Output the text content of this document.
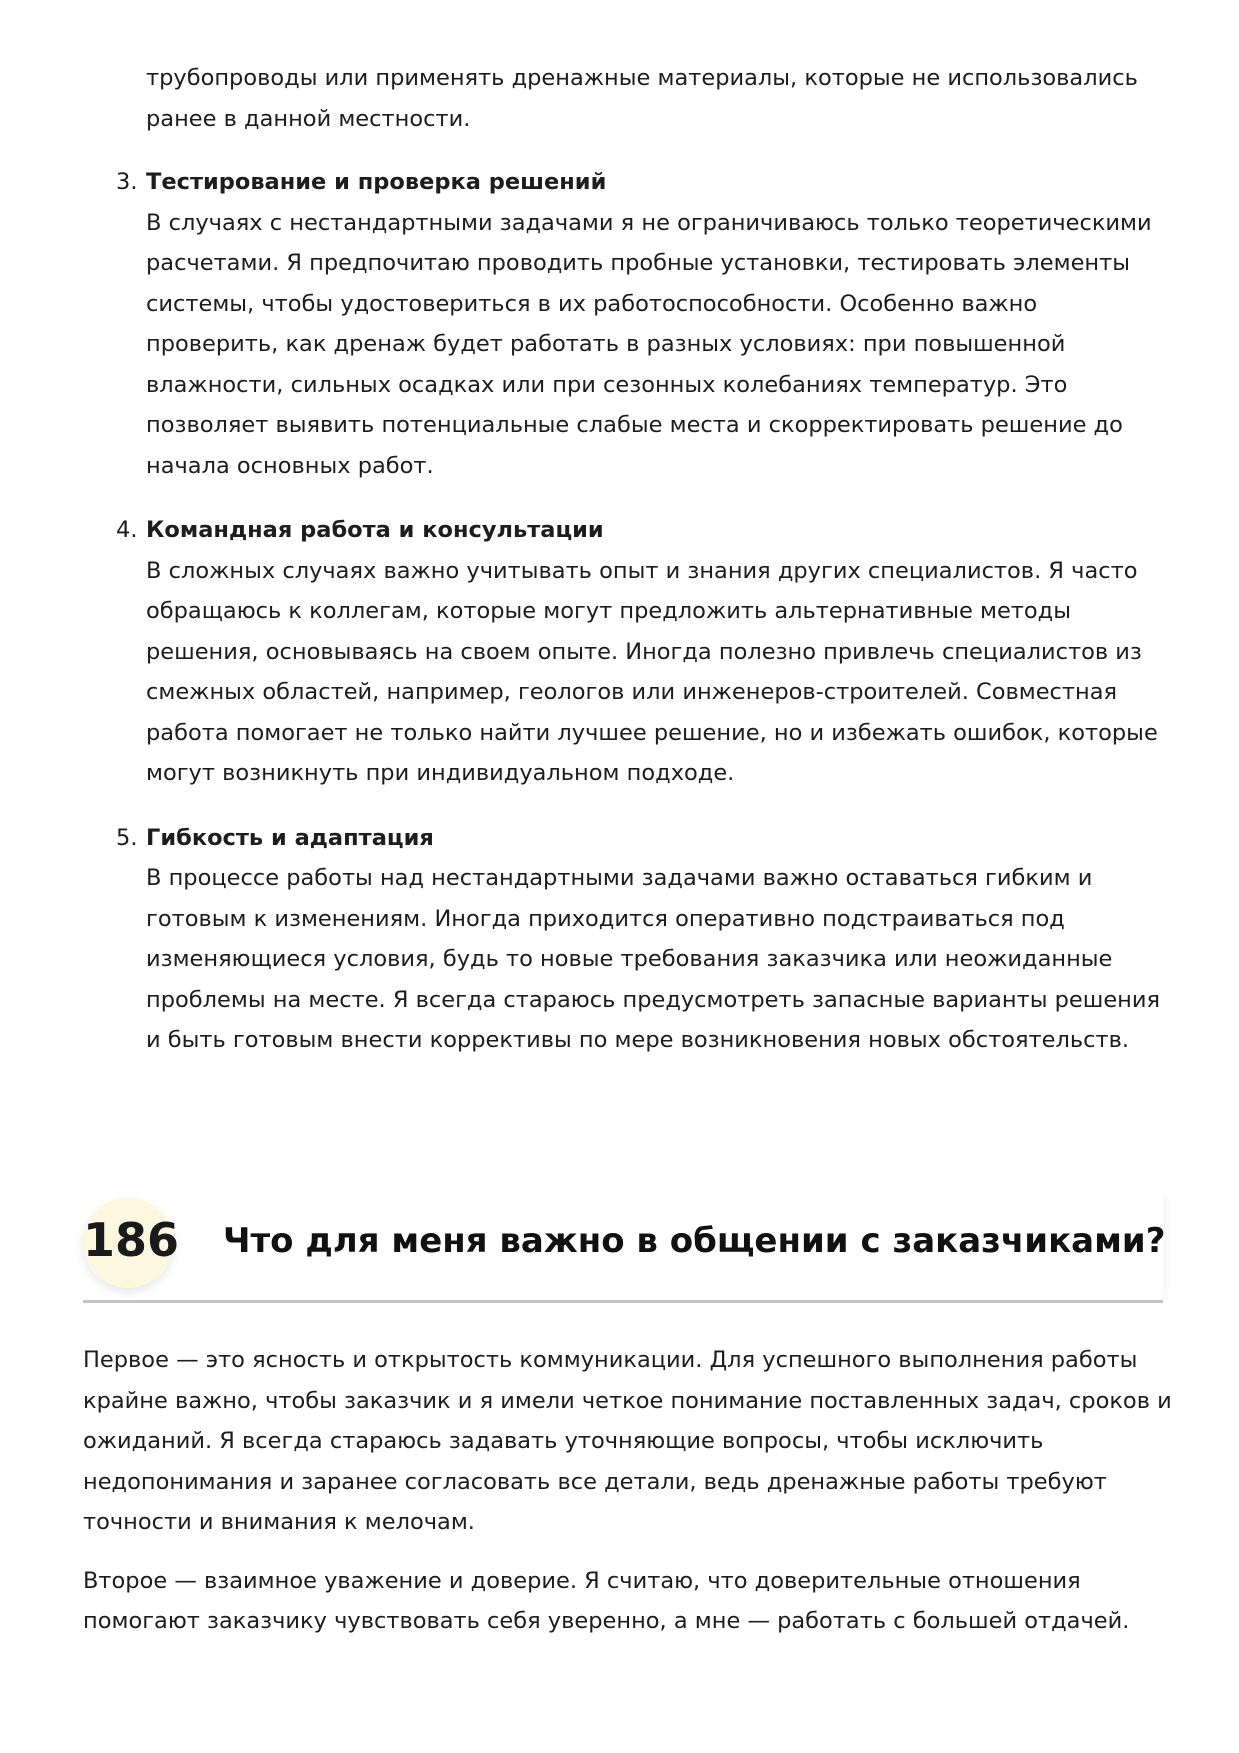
трубопроводы или применять дренажные материалы, которые не использовались ранее в данной местности.

3. Тестирование и проверка решений

В случаях с нестандартными задачами я не ограничиваюсь только теоретическими расчетами. Я предпочитаю проводить пробные установки, тестировать элементы системы, чтобы удостовериться в их работоспособности. Особенно важно проверить, как дренаж будет работать в разных условиях: при повышенной влажности, сильных осадках или при сезонных колебаниях температур. Это позволяет выявить потенциальные слабые места и скорректировать решение до начала основных работ.

4. Командная работа и консультации

В сложных случаях важно учитывать опыт и знания других специалистов. Я часто обращаюсь к коллегам, которые могут предложить альтернативные методы решения, основываясь на своем опыте. Иногда полезно привлечь специалистов из смежных областей, например, геологов или инженеров-строителей. Совместная работа помогает не только найти лучшее решение, но и избежать ошибок, которые могут возникнуть при индивидуальном подходе.

5. Гибкость и адаптация

В процессе работы над нестандартными задачами важно оставаться гибким и готовым к изменениям. Иногда приходится оперативно подстраиваться под изменяющиеся условия, будь то новые требования заказчика или неожиданные проблемы на месте. Я всегда стараюсь предусмотреть запасные варианты решения и быть готовым внести коррективы по мере возникновения новых обстоятельств.

186 Что для меня важно в общении с заказчиками?

Первое — это ясность и открытость коммуникации. Для успешного выполнения работы крайне важно, чтобы заказчик и я имели четкое понимание поставленных задач, сроков и ожиданий. Я всегда стараюсь задавать уточняющие вопросы, чтобы исключить недопонимания и заранее согласовать все детали, ведь дренажные работы требуют точности и внимания к мелочам.

Второе — взаимное уважение и доверие. Я считаю, что доверительные отношения помогают заказчику чувствовать себя уверенно, а мне — работать с большей отдачей.
